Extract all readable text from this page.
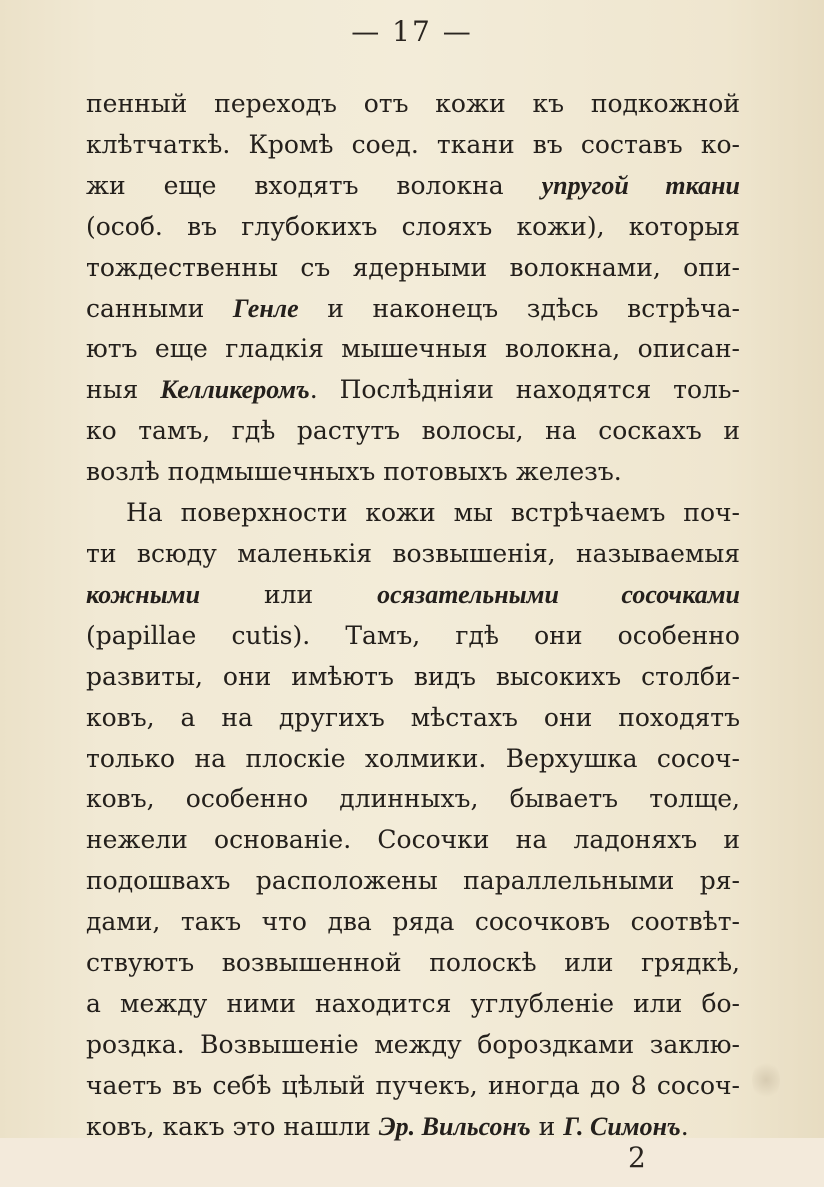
— 17 —
пенный переходъ отъ кожи къ подкожной
клѣтчаткѣ. Кромѣ соед. ткани въ составъ ко-
жи еще входятъ волокна упругой ткани
(особ. въ глубокихъ слояхъ кожи), которыя
тождественны съ ядерными волокнами, опи-
санными Генле и наконецъ здѣсь встрѣча-
ютъ еще гладкія мышечныя волокна, описан-
ныя Келликеромъ. Послѣдніяи находятся толь-
ко тамъ, гдѣ растутъ волосы, на соскахъ и
возлѣ подмышечныхъ потовыхъ железъ.
На поверхности кожи мы встрѣчаемъ поч-
ти всюду маленькія возвышенія, называемыя
кожными или осязательными сосочками
(papillae cutis). Тамъ, гдѣ они особенно
развиты, они имѣютъ видъ высокихъ столби-
ковъ, а на другихъ мѣстахъ они походятъ
только на плоскіе холмики. Верхушка сосоч-
ковъ, особенно длинныхъ, бываетъ толще,
нежели основаніе. Сосочки на ладоняхъ и
подошвахъ расположены параллельными ря-
дами, такъ что два ряда сосочковъ соотвѣт-
ствуютъ возвышенной полоскѣ или грядкѣ,
а между ними находится углубленіе или бо-
роздка. Возвышеніе между бороздками заклю-
чаетъ въ себѣ цѣлый пучекъ, иногда до 8 сосоч-
ковъ, какъ это нашли Эр. Вильсонъ и Г. Симонъ.
2
